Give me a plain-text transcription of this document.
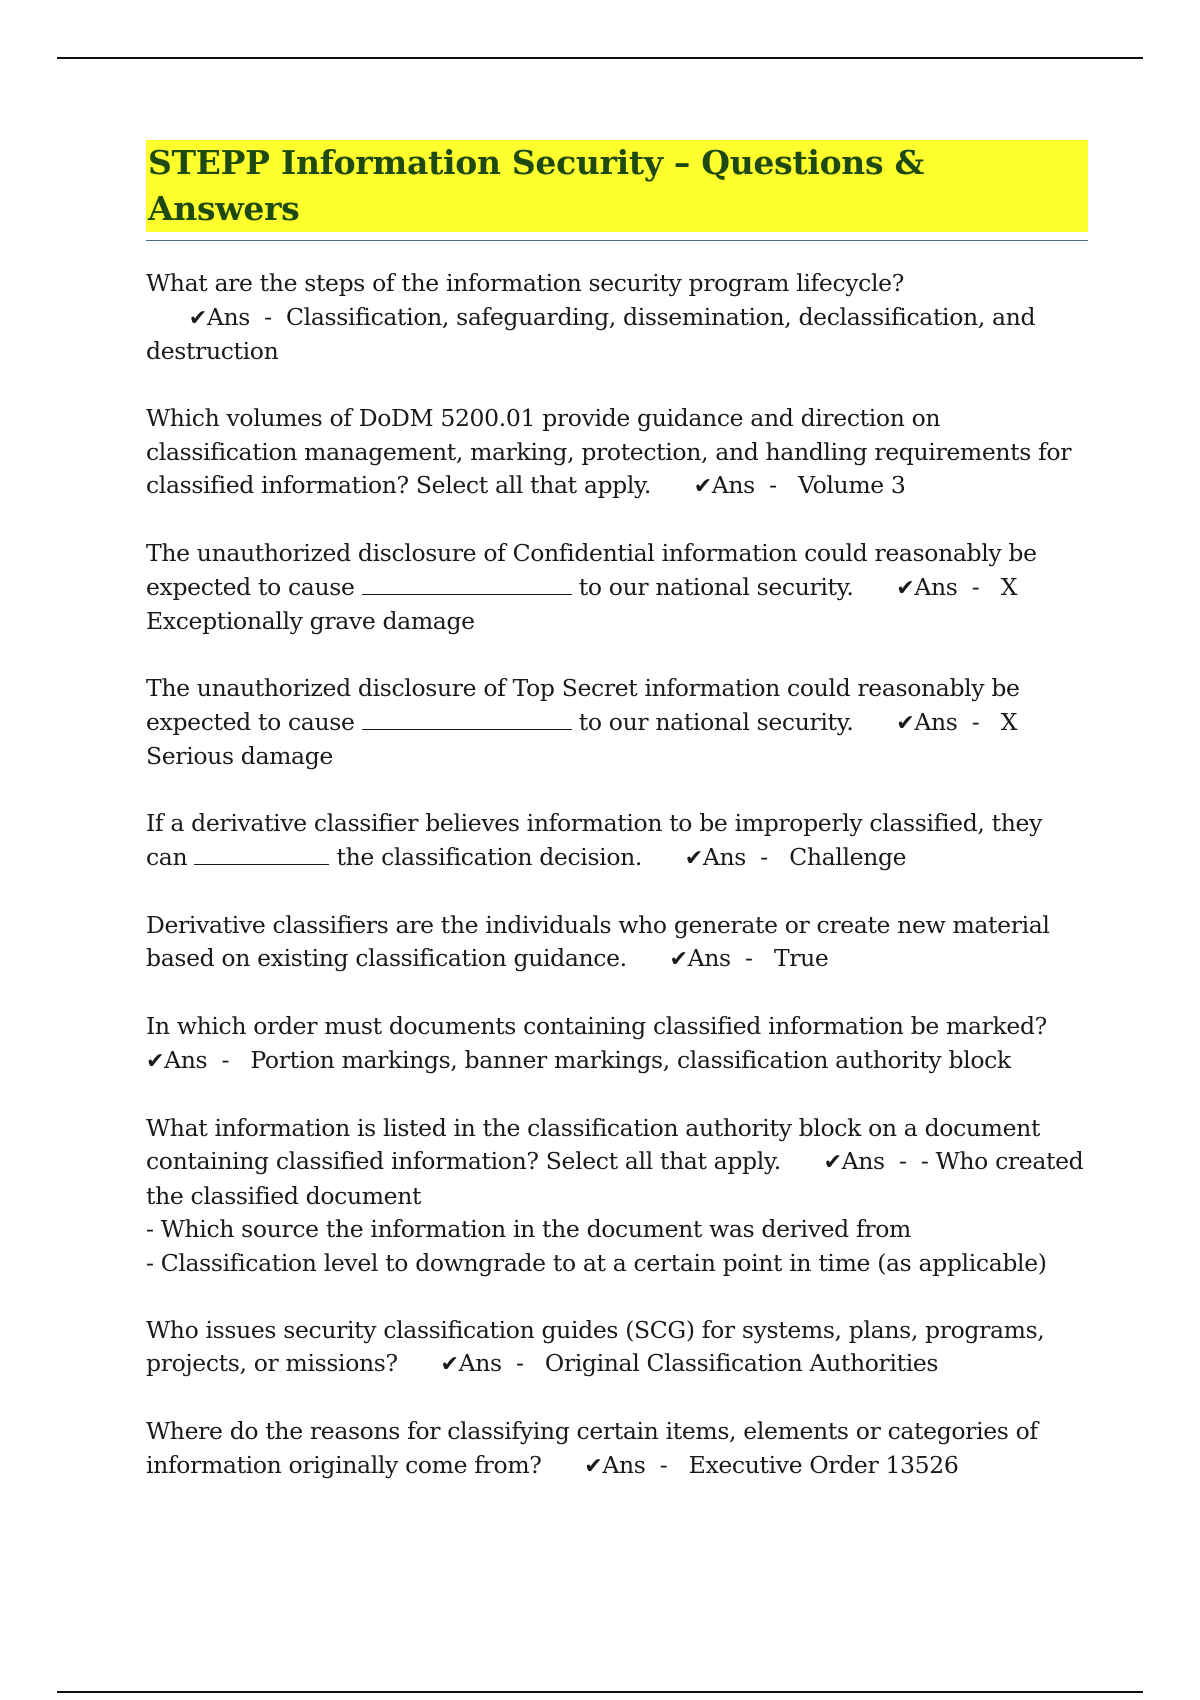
STEPP Information Security – Questions & Answers

What are the steps of the information security program lifecycle?      ✔Ans  -  Classification, safeguarding, dissemination, declassification, and destruction

Which volumes of DoDM 5200.01 provide guidance and direction on classification management, marking, protection, and handling requirements for classified information? Select all that apply. ✔Ans  -   Volume 3

The unauthorized disclosure of Confidential information could reasonably be expected to cause	to our national security. ✔Ans  -   X Exceptionally grave damage

The unauthorized disclosure of Top Secret information could reasonably be expected to cause	to our national security. ✔Ans  -   X Serious damage

If a derivative classifier believes information to be improperly classified, they can	the classification decision. ✔Ans  -   Challenge

Derivative classifiers are the individuals who generate or create new material based on existing classification guidance. ✔Ans  -   True

In which order must documents containing classified information be marked?
✔Ans  -   Portion markings, banner markings, classification authority block

What information is listed in the classification authority block on a document containing classified information? Select all that apply. ✔Ans  -  - Who created the classified document
- Which source the information in the document was derived from
- Classification level to downgrade to at a certain point in time (as applicable)

Who issues security classification guides (SCG) for systems, plans, programs, projects, or missions? ✔Ans  -   Original Classification Authorities

Where do the reasons for classifying certain items, elements or categories of information originally come from? ✔Ans  -   Executive Order 13526
